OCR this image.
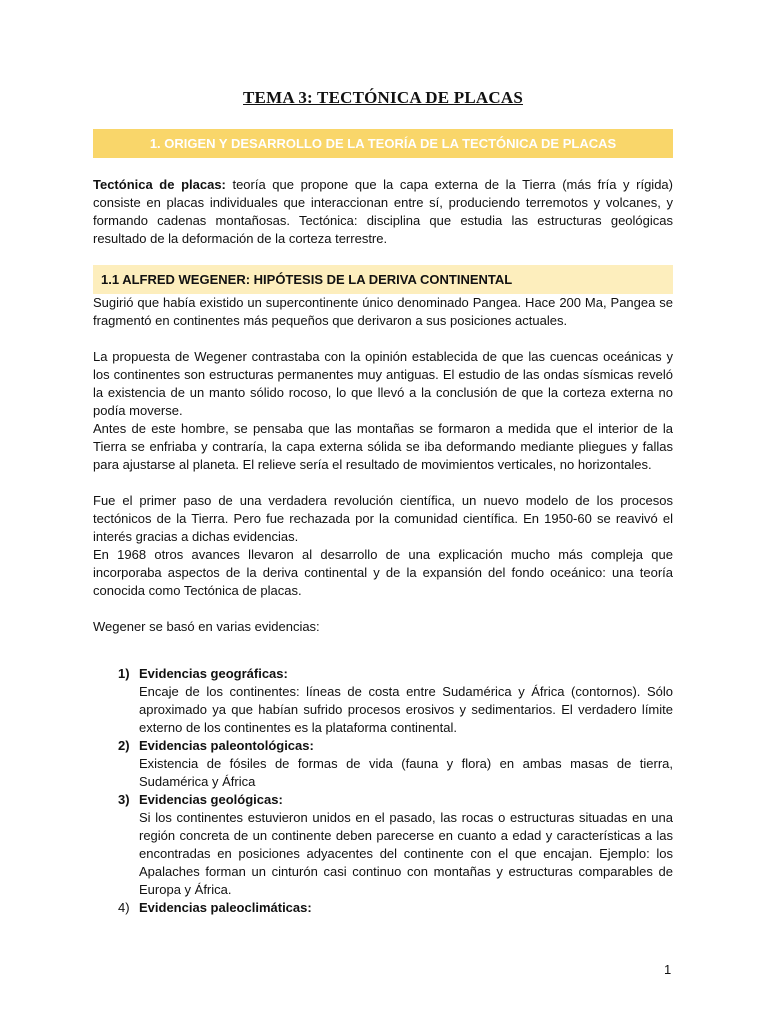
TEMA 3: TECTÓNICA DE PLACAS
1. ORIGEN Y DESARROLLO DE LA TEORÍA DE LA TECTÓNICA DE PLACAS

Tectónica de placas: teoría que propone que la capa externa de la Tierra (más fría y rígida) consiste en placas individuales que interaccionan entre sí, produciendo terremotos y volcanes, y formando cadenas montañosas. Tectónica: disciplina que estudia las estructuras geológicas resultado de la deformación de la corteza terrestre.

1.1 ALFRED WEGENER: HIPÓTESIS DE LA DERIVA CONTINENTAL

Sugirió que había existido un supercontinente único denominado Pangea. Hace 200 Ma, Pangea se fragmentó en continentes más pequeños que derivaron a sus posiciones actuales.

La propuesta de Wegener contrastaba con la opinión establecida de que las cuencas oceánicas y los continentes son estructuras permanentes muy antiguas. El estudio de las ondas sísmicas reveló la existencia de un manto sólido rocoso, lo que llevó a la conclusión de que la corteza externa no podía moverse.

Antes de este hombre, se pensaba que las montañas se formaron a medida que el interior de la Tierra se enfriaba y contraría, la capa externa sólida se iba deformando mediante pliegues y fallas para ajustarse al planeta. El relieve sería el resultado de movimientos verticales, no horizontales.

Fue el primer paso de una verdadera revolución científica, un nuevo modelo de los procesos tectónicos de la Tierra. Pero fue rechazada por la comunidad científica. En 1950-60 se reavivó el interés gracias a dichas evidencias.

En 1968 otros avances llevaron al desarrollo de una explicación mucho más compleja que incorporaba aspectos de la deriva continental y de la expansión del fondo oceánico: una teoría conocida como Tectónica de placas.

Wegener se basó en varias evidencias:

1) Evidencias geográficas:
Encaje de los continentes: líneas de costa entre Sudamérica y África (contornos). Sólo aproximado ya que habían sufrido procesos erosivos y sedimentarios. El verdadero límite externo de los continentes es la plataforma continental.
2) Evidencias paleontológicas:
Existencia de fósiles de formas de vida (fauna y flora) en ambas masas de tierra, Sudamérica y África
3) Evidencias geológicas:
Si los continentes estuvieron unidos en el pasado, las rocas o estructuras situadas en una región concreta de un continente deben parecerse en cuanto a edad y características a las encontradas en posiciones adyacentes del continente con el que encajan. Ejemplo: los Apalaches forman un cinturón casi continuo con montañas y estructuras comparables de Europa y África.
4) Evidencias paleoclimáticas:
1
